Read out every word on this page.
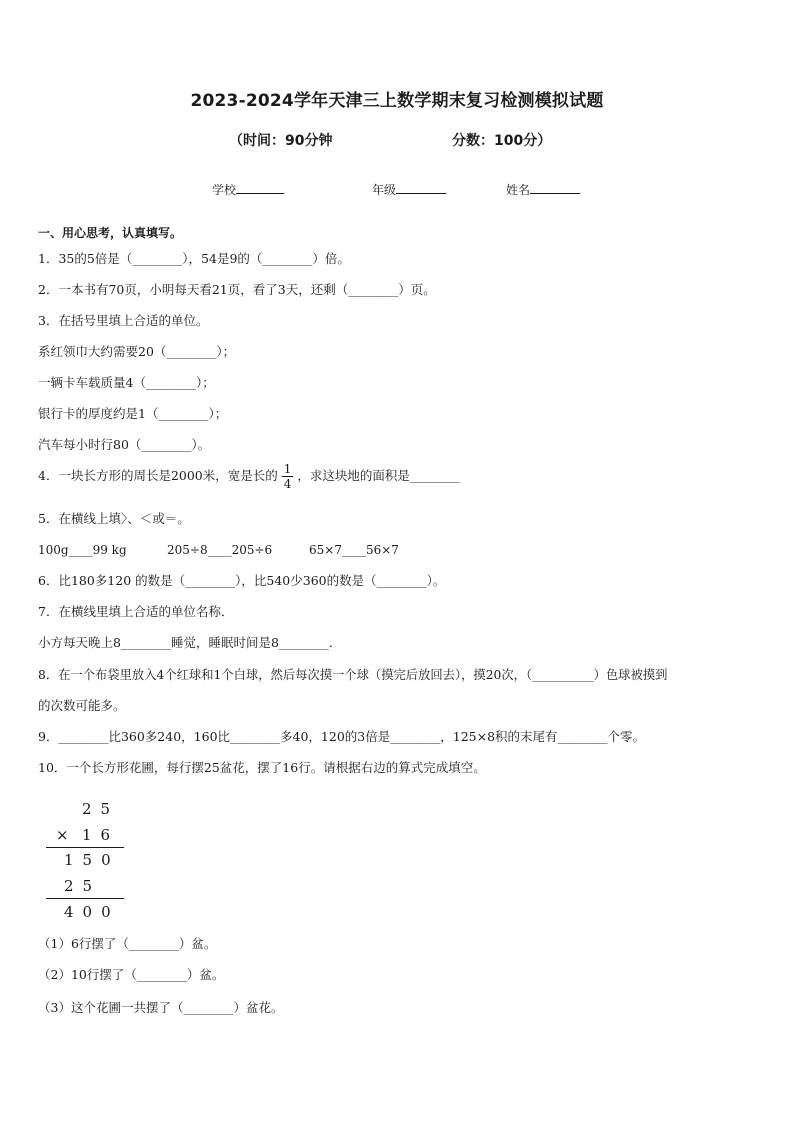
2023-2024学年天津三上数学期末复习检测模拟试题
（时间：90分钟	分数：100分）
学校	年级	姓名
一、用心思考，认真填写。
1．35的5倍是（________），54是9的（________）倍。
2．一本书有70页，小明每天看21页，看了3天，还剩（________）页。
3．在括号里填上合适的单位。
系红领巾大约需要20（________）；
一辆卡车载质量4（________）；
银行卡的厚度约是1（________）；
汽车每小时行80（________）。
4．一块长方形的周长是2000米，宽是长的 $\frac{1}{4}$ ，求这块地的面积是________
5．在横线上填〉、＜或＝。
100g____99 kg	205÷8____205÷6	65×7____56×7
6．比180多120 的数是（________），比540少360的数是（________）。
7．在横线里填上合适的单位名称．
小方每天晚上8________睡觉，睡眠时间是8________．
8．在一个布袋里放入4个红球和1个白球，然后每次摸一个球（摸完后放回去），摸20次，（__________）色球被摸到
的次数可能多。
9．________比360多240，160比________多40，120的3倍是________，125×8积的末尾有________个零。
10．一个长方形花圃，每行摆25盆花，摆了16行。请根据右边的算式完成填空。
25
× 16
150
25
400
（1）6行摆了（________）盆。
（2）10行摆了（________）盆。
（3）这个花圃一共摆了（________）盆花。
